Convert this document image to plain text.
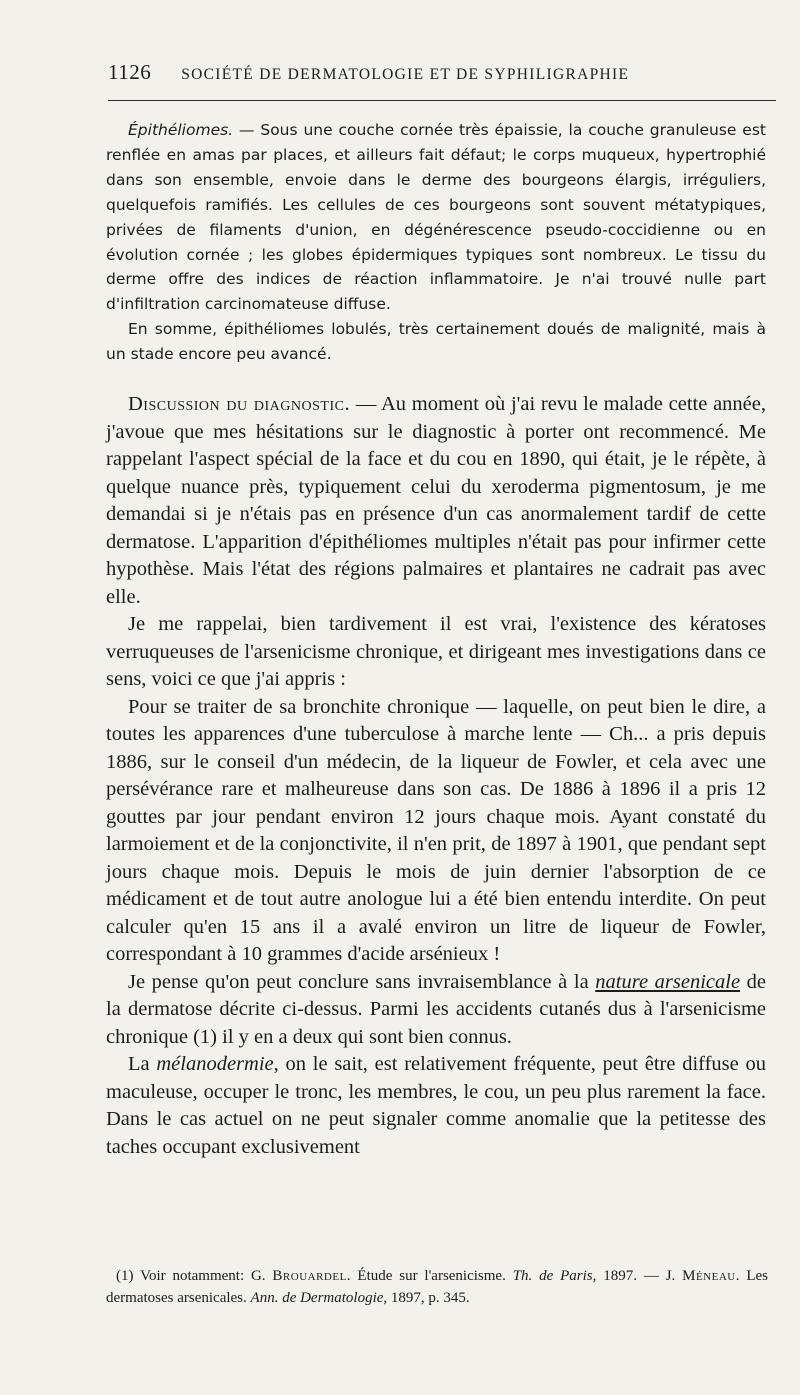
1126 SOCIÉTÉ DE DERMATOLOGIE ET DE SYPHILIGRAPHIE

Épithéliomes. — Sous une couche cornée très épaissie, la couche granuleuse est renflée en amas par places, et ailleurs fait défaut; le corps muqueux, hypertrophié dans son ensemble, envoie dans le derme des bourgeons élargis, irréguliers, quelquefois ramifiés. Les cellules de ces bourgeons sont souvent métatypiques, privées de filaments d'union, en dégénérescence pseudo-coccidienne ou en évolution cornée ; les globes épidermiques typiques sont nombreux. Le tissu du derme offre des indices de réaction inflammatoire. Je n'ai trouvé nulle part d'infiltration carcinomateuse diffuse.

En somme, épithéliomes lobulés, très certainement doués de malignité, mais à un stade encore peu avancé.

Discussion du diagnostic. — Au moment où j'ai revu le malade cette année, j'avoue que mes hésitations sur le diagnostic à porter ont recommencé. Me rappelant l'aspect spécial de la face et du cou en 1890, qui était, je le répète, à quelque nuance près, typiquement celui du xeroderma pigmentosum, je me demandai si je n'étais pas en présence d'un cas anormalement tardif de cette dermatose. L'apparition d'épithéliomes multiples n'était pas pour infirmer cette hypothèse. Mais l'état des régions palmaires et plantaires ne cadrait pas avec elle.

Je me rappelai, bien tardivement il est vrai, l'existence des kératoses verruqueuses de l'arsenicisme chronique, et dirigeant mes investigations dans ce sens, voici ce que j'ai appris :

Pour se traiter de sa bronchite chronique — laquelle, on peut bien le dire, a toutes les apparences d'une tuberculose à marche lente — Ch... a pris depuis 1886, sur le conseil d'un médecin, de la liqueur de Fowler, et cela avec une persévérance rare et malheureuse dans son cas. De 1886 à 1896 il a pris 12 gouttes par jour pendant environ 12 jours chaque mois. Ayant constaté du larmoiement et de la conjonctivite, il n'en prit, de 1897 à 1901, que pendant sept jours chaque mois. Depuis le mois de juin dernier l'absorption de ce médicament et de tout autre anologue lui a été bien entendu interdite. On peut calculer qu'en 15 ans il a avalé environ un litre de liqueur de Fowler, correspondant à 10 grammes d'acide arsénieux !

Je pense qu'on peut conclure sans invraisemblance à la nature arsenicale de la dermatose décrite ci-dessus. Parmi les accidents cutanés dus à l'arsenicisme chronique (1) il y en a deux qui sont bien connus.

La mélanodermie, on le sait, est relativement fréquente, peut être diffuse ou maculeuse, occuper le tronc, les membres, le cou, un peu plus rarement la face. Dans le cas actuel on ne peut signaler comme anomalie que la petitesse des taches occupant exclusivement

(1) Voir notamment: G. Brouardel. Étude sur l'arsenicisme. Th. de Paris, 1897. — J. Méneau. Les dermatoses arsenicales. Ann. de Dermatologie, 1897, p. 345.
